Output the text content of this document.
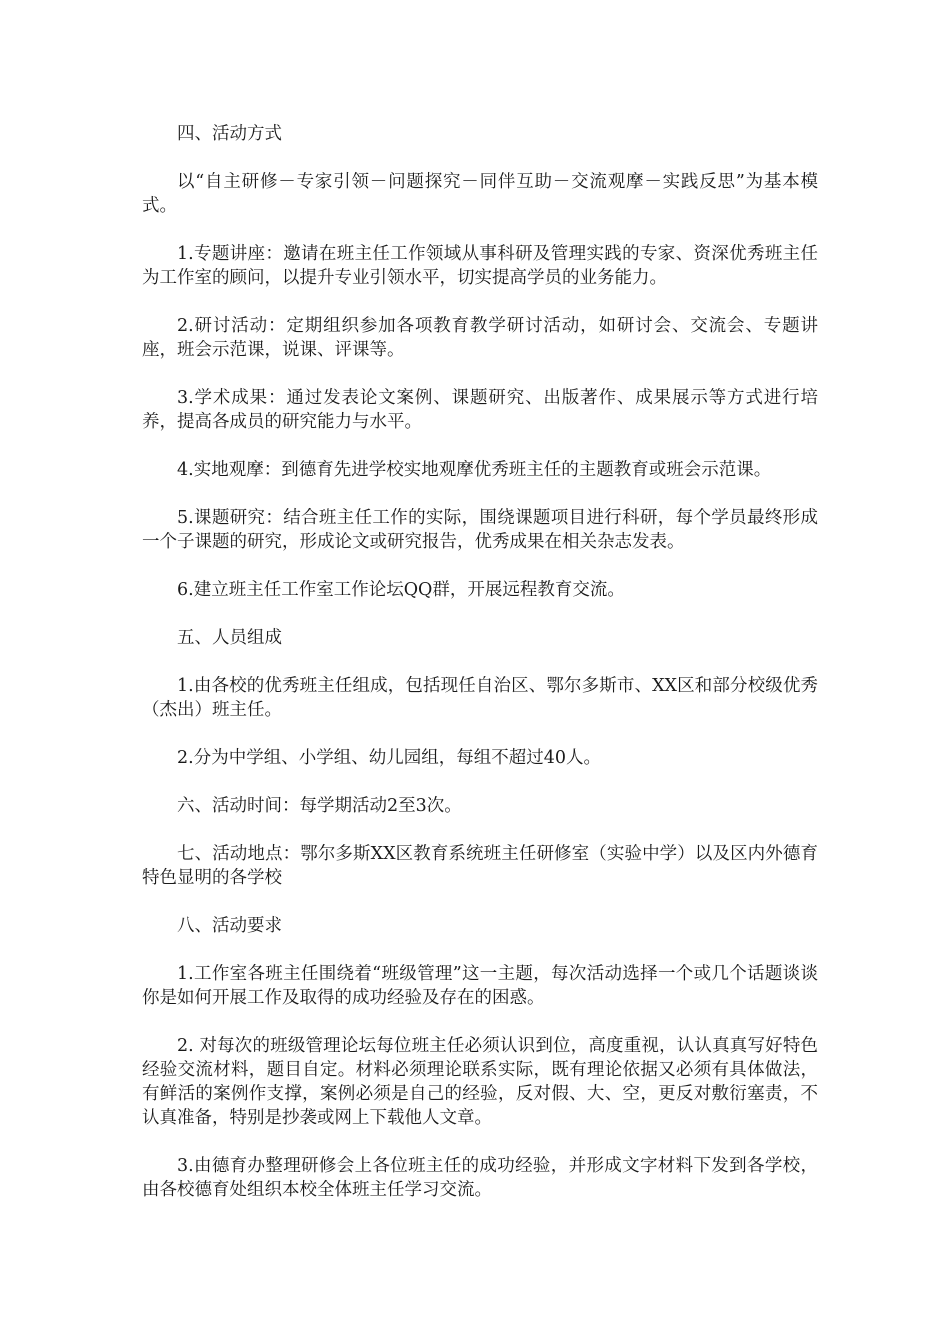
四、活动方式

以“自主研修－专家引领－问题探究－同伴互助－交流观摩－实践反思”为基本模式。

1.专题讲座：邀请在班主任工作领域从事科研及管理实践的专家、资深优秀班主任为工作室的顾问，以提升专业引领水平，切实提高学员的业务能力。

2.研讨活动：定期组织参加各项教育教学研讨活动，如研讨会、交流会、专题讲座，班会示范课，说课、评课等。

3.学术成果：通过发表论文案例、课题研究、出版著作、成果展示等方式进行培养，提高各成员的研究能力与水平。

4.实地观摩：到德育先进学校实地观摩优秀班主任的主题教育或班会示范课。

5.课题研究：结合班主任工作的实际，围绕课题项目进行科研，每个学员最终形成一个子课题的研究，形成论文或研究报告，优秀成果在相关杂志发表。

6.建立班主任工作室工作论坛QQ群，开展远程教育交流。

五、人员组成

1.由各校的优秀班主任组成，包括现任自治区、鄂尔多斯市、XX区和部分校级优秀（杰出）班主任。

2.分为中学组、小学组、幼儿园组，每组不超过40人。

六、活动时间：每学期活动2至3次。

七、活动地点：鄂尔多斯XX区教育系统班主任研修室（实验中学）以及区内外德育特色显明的各学校

八、活动要求

1.工作室各班主任围绕着“班级管理”这一主题，每次活动选择一个或几个话题谈谈你是如何开展工作及取得的成功经验及存在的困惑。

2. 对每次的班级管理论坛每位班主任必须认识到位，高度重视，认认真真写好特色经验交流材料，题目自定。材料必须理论联系实际，既有理论依据又必须有具体做法，有鲜活的案例作支撑，案例必须是自己的经验，反对假、大、空，更反对敷衍塞责，不认真准备，特别是抄袭或网上下载他人文章。

3.由德育办整理研修会上各位班主任的成功经验，并形成文字材料下发到各学校，由各校德育处组织本校全体班主任学习交流。
